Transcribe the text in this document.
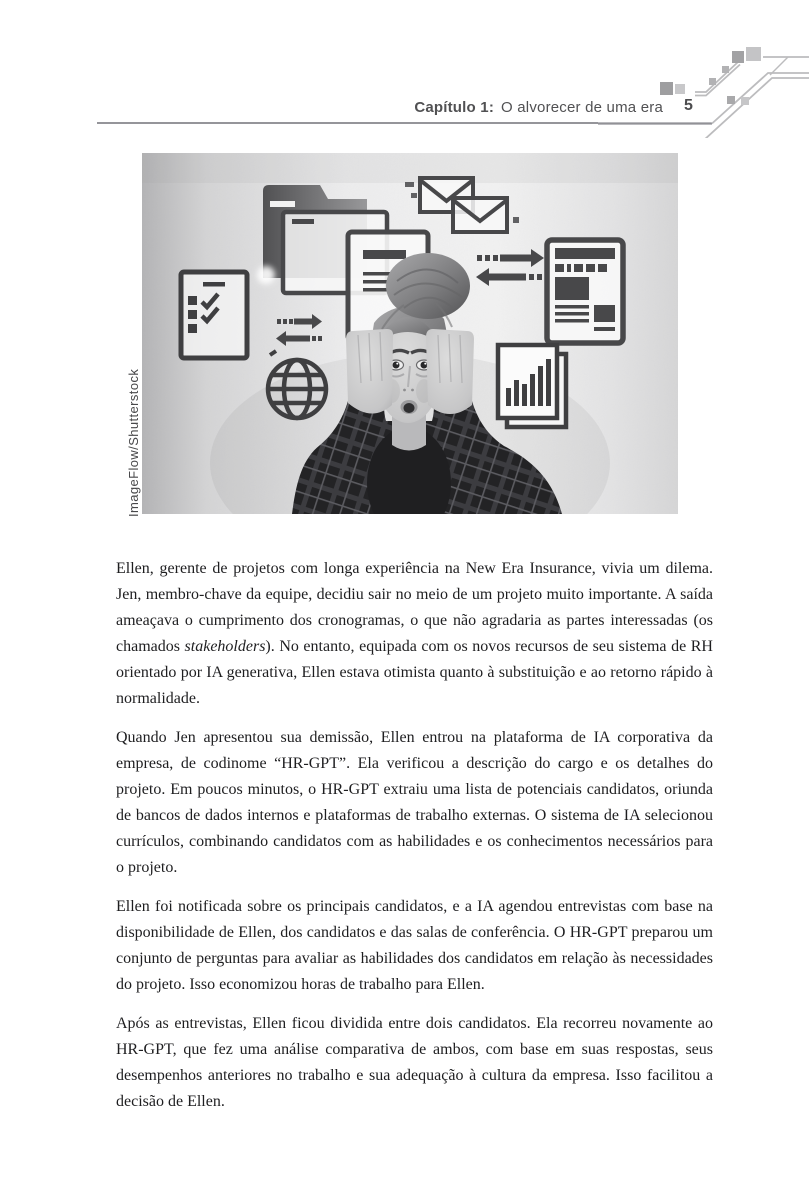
Capítulo 1: O alvorecer de uma era 5
ImageFlow/Shutterstock

Ellen, gerente de projetos com longa experiência na New Era Insurance, vivia um dilema. Jen, membro-chave da equipe, decidiu sair no meio de um projeto muito importante. A saída ameaçava o cumprimento dos cronogramas, o que não agradaria as partes interessadas (os chamados stakeholders). No entanto, equipada com os novos recursos de seu sistema de RH orientado por IA generativa, Ellen estava otimista quanto à substituição e ao retorno rápido à normalidade.

Quando Jen apresentou sua demissão, Ellen entrou na plataforma de IA corporativa da empresa, de codinome “HR-GPT”. Ela verificou a descrição do cargo e os detalhes do projeto. Em poucos minutos, o HR-GPT extraiu uma lista de potenciais candidatos, oriunda de bancos de dados internos e plataformas de trabalho externas. O sistema de IA selecionou currículos, combinando candidatos com as habilidades e os conhecimentos necessários para o projeto.

Ellen foi notificada sobre os principais candidatos, e a IA agendou entrevistas com base na disponibilidade de Ellen, dos candidatos e das salas de conferência. O HR-GPT preparou um conjunto de perguntas para avaliar as habilidades dos candidatos em relação às necessidades do projeto. Isso economizou horas de trabalho para Ellen.

Após as entrevistas, Ellen ficou dividida entre dois candidatos. Ela recorreu novamente ao HR-GPT, que fez uma análise comparativa de ambos, com base em suas respostas, seus desempenhos anteriores no trabalho e sua adequação à cultura da empresa. Isso facilitou a decisão de Ellen.
